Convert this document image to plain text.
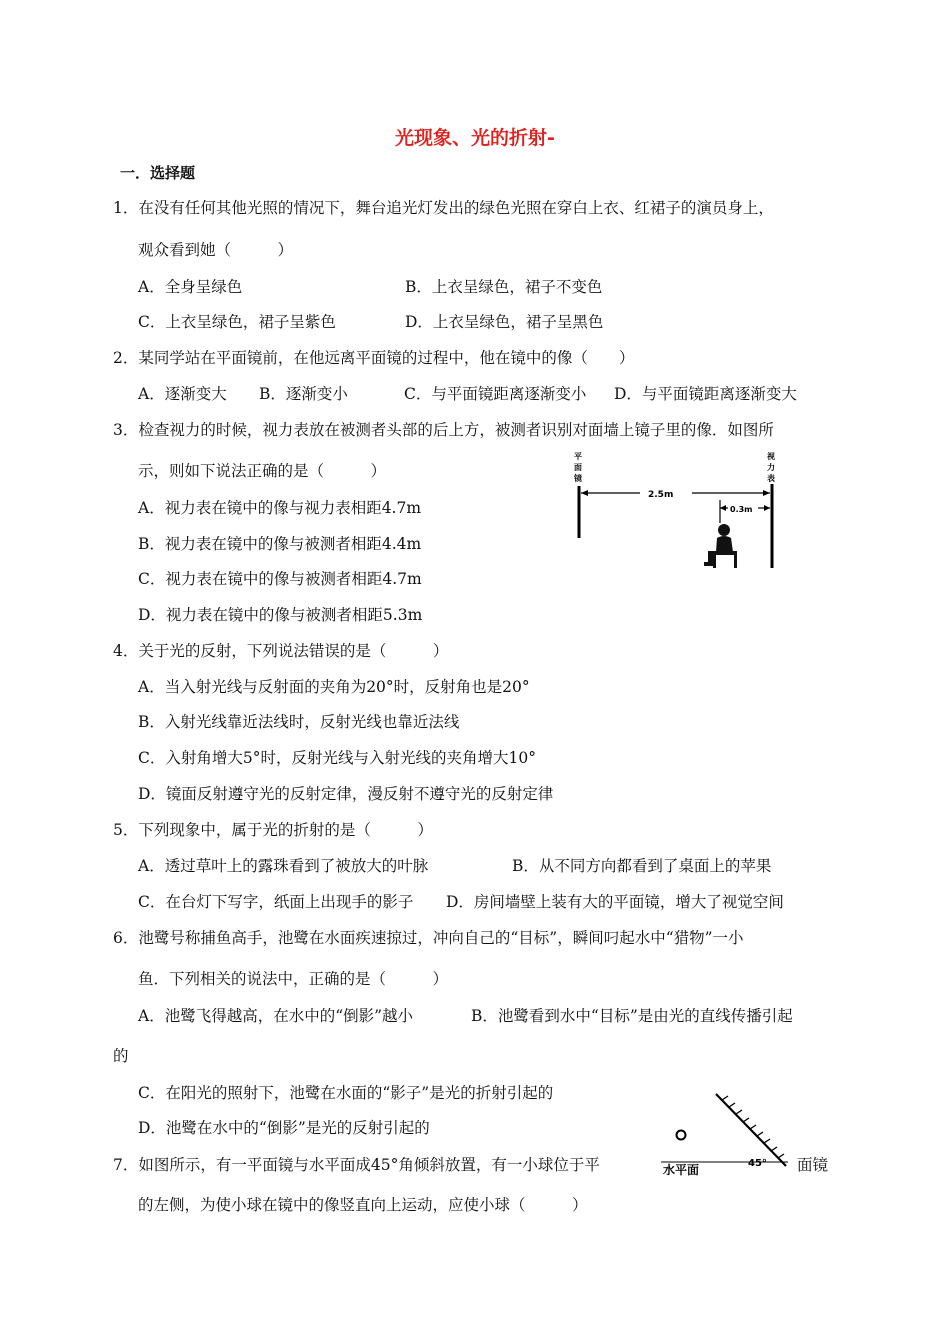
光现象、光的折射-
一．选择题
1．在没有任何其他光照的情况下，舞台追光灯发出的绿色光照在穿白上衣、红裙子的演员身上，
观众看到她（　　　）
A．全身呈绿色	B．上衣呈绿色，裙子不变色
C．上衣呈绿色，裙子呈紫色	D．上衣呈绿色，裙子呈黑色
2．某同学站在平面镜前，在他远离平面镜的过程中，他在镜中的像（　　）
A．逐渐变大 B．逐渐变小	C．与平面镜距离逐渐变小 D．与平面镜距离逐渐变大
3．检查视力的时候，视力表放在被测者头部的后上方，被测者识别对面墙上镜子里的像．如图所
示，则如下说法正确的是（　　　）
A．视力表在镜中的像与视力表相距4.7m
B．视力表在镜中的像与被测者相距4.4m
C．视力表在镜中的像与被测者相距4.7m
D．视力表在镜中的像与被测者相距5.3m
平面镜
视力表
2.5m
0.3m
4．关于光的反射，下列说法错误的是（　　　）
A．当入射光线与反射面的夹角为20°时，反射角也是20°
B．入射光线靠近法线时，反射光线也靠近法线
C．入射角增大5°时，反射光线与入射光线的夹角增大10°
D．镜面反射遵守光的反射定律，漫反射不遵守光的反射定律
5．下列现象中，属于光的折射的是（　　　）
A．透过草叶上的露珠看到了被放大的叶脉	B．从不同方向都看到了桌面上的苹果
C．在台灯下写字，纸面上出现手的影子 D．房间墙壁上装有大的平面镜，增大了视觉空间
6．池鹭号称捕鱼高手，池鹭在水面疾速掠过，冲向自己的“目标”，瞬间叼起水中“猎物”一小
鱼．下列相关的说法中，正确的是（　　　）
A．池鹭飞得越高，在水中的“倒影”越小	B．池鹭看到水中“目标”是由光的直线传播引起
的
C．在阳光的照射下，池鹭在水面的“影子”是光的折射引起的
D．池鹭在水中的“倒影”是光的反射引起的
7．如图所示，有一平面镜与水平面成45°角倾斜放置，有一小球位于平	面镜
的左侧，为使小球在镜中的像竖直向上运动，应使小球（　　　）
水平面	45°
